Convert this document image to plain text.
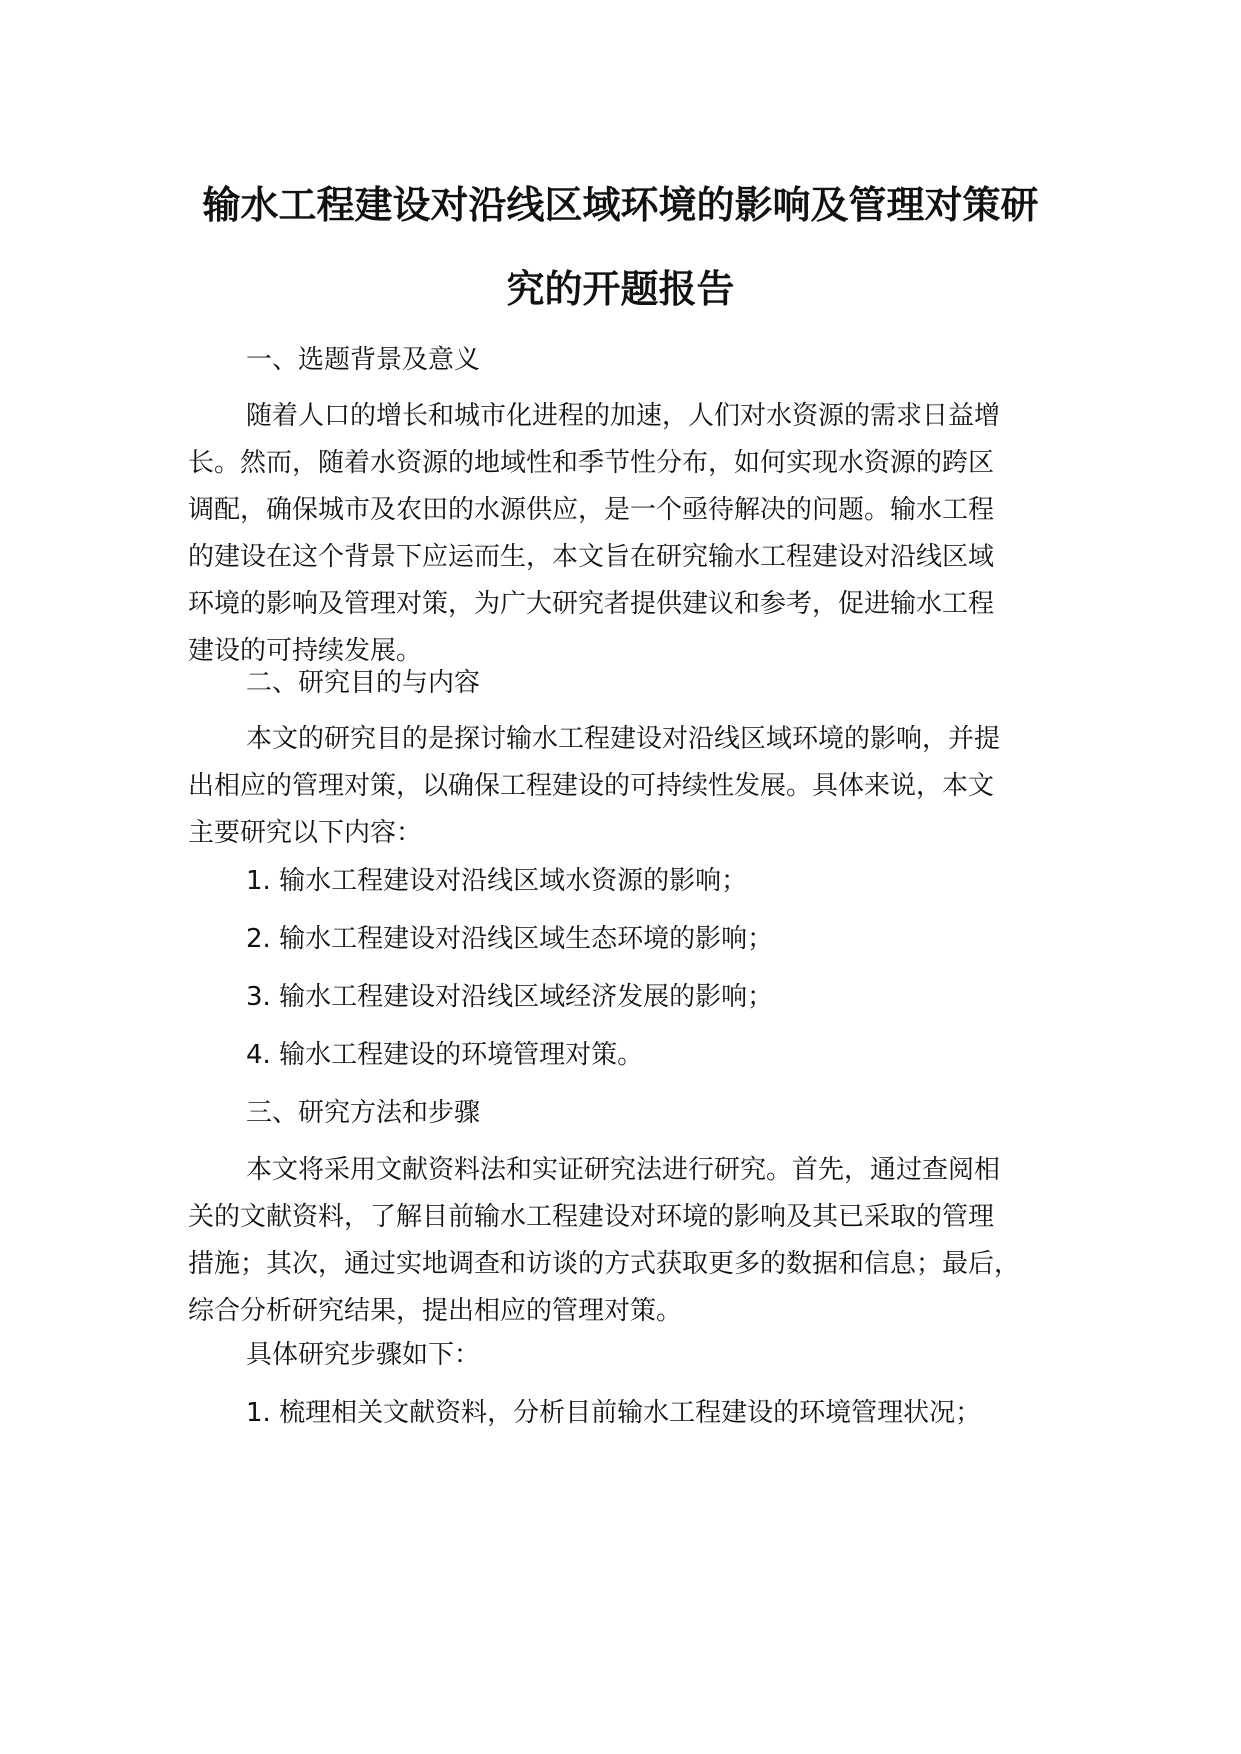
输水工程建设对沿线区域环境的影响及管理对策研
究的开题报告

一、选题背景及意义

随着人口的增长和城市化进程的加速，人们对水资源的需求日益增
长。然而，随着水资源的地域性和季节性分布，如何实现水资源的跨区
调配，确保城市及农田的水源供应，是一个亟待解决的问题。输水工程
的建设在这个背景下应运而生，本文旨在研究输水工程建设对沿线区域
环境的影响及管理对策，为广大研究者提供建议和参考，促进输水工程
建设的可持续发展。

二、研究目的与内容

本文的研究目的是探讨输水工程建设对沿线区域环境的影响，并提
出相应的管理对策，以确保工程建设的可持续性发展。具体来说，本文
主要研究以下内容：

1. 输水工程建设对沿线区域水资源的影响；

2. 输水工程建设对沿线区域生态环境的影响；

3. 输水工程建设对沿线区域经济发展的影响；

4. 输水工程建设的环境管理对策。

三、研究方法和步骤

本文将采用文献资料法和实证研究法进行研究。首先，通过查阅相
关的文献资料，了解目前输水工程建设对环境的影响及其已采取的管理
措施；其次，通过实地调查和访谈的方式获取更多的数据和信息；最后，
综合分析研究结果，提出相应的管理对策。

具体研究步骤如下：

1. 梳理相关文献资料，分析目前输水工程建设的环境管理状况；
